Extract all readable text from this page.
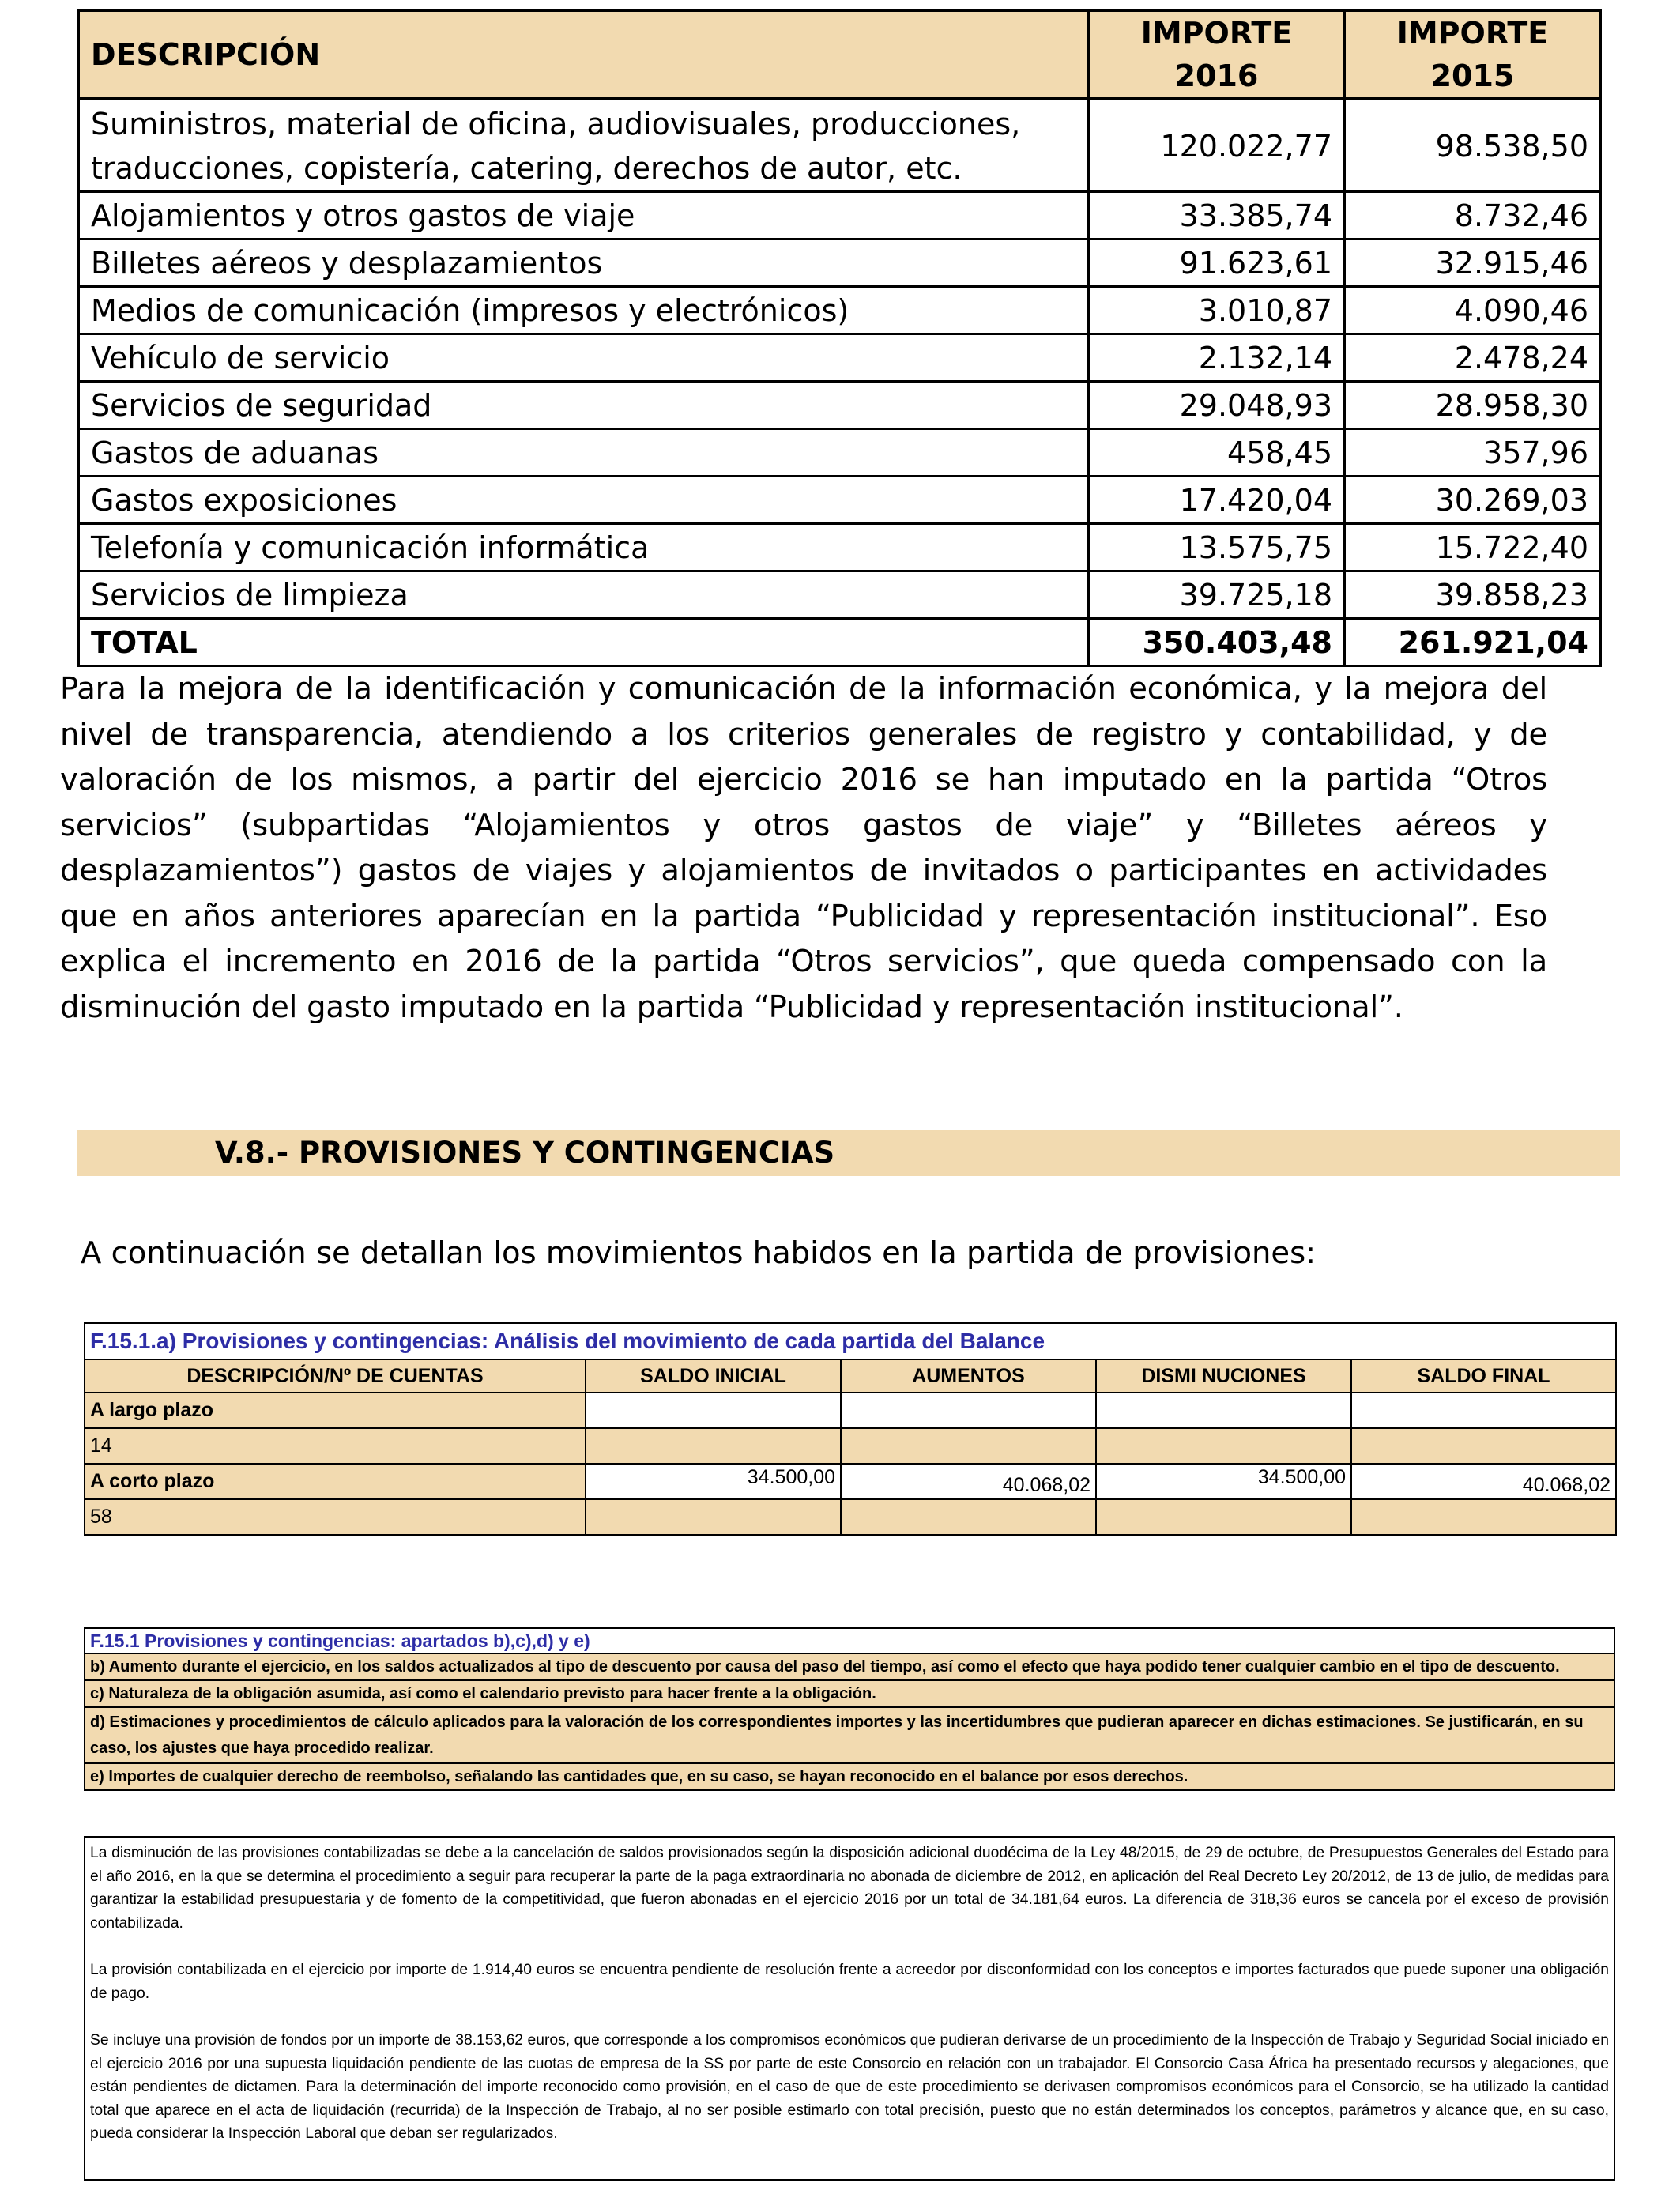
DESCRIPCIÓN	IMPORTE 2016	IMPORTE 2015

Suministros, material de oficina, audiovisuales, producciones,
traducciones, copistería, catering, derechos de autor, etc.	120.022,77	98.538,50
Alojamientos y otros gastos de viaje	33.385,74	8.732,46
Billetes aéreos y desplazamientos	91.623,61	32.915,46
Medios de comunicación (impresos y electrónicos)	3.010,87	4.090,46
Vehículo de servicio	2.132,14	2.478,24
Servicios de seguridad	29.048,93	28.958,30
Gastos de aduanas	458,45	357,96
Gastos exposiciones	17.420,04	30.269,03
Telefonía y comunicación informática	13.575,75	15.722,40
Servicios de limpieza	39.725,18	39.858,23
TOTAL	350.403,48	261.921,04

Para la mejora de la identificación y comunicación de la información económica, y la mejora del nivel de transparencia, atendiendo a los criterios generales de registro y contabilidad, y de valoración de los mismos, a partir del ejercicio 2016 se han imputado en la partida “Otros servicios” (subpartidas “Alojamientos y otros gastos de viaje” y “Billetes aéreos y desplazamientos”) gastos de viajes y alojamientos de invitados o participantes en actividades que en años anteriores aparecían en la partida “Publicidad y representación institucional”. Eso explica el incremento en 2016 de la partida “Otros servicios”, que queda compensado con la disminución del gasto imputado en la partida “Publicidad y representación institucional”.

V.8.- PROVISIONES Y CONTINGENCIAS

A continuación se detallan los movimientos habidos en la partida de provisiones:

F.15.1.a) Provisiones y contingencias: Análisis del movimiento de cada partida del Balance				
DESCRIPCIÓN/Nº DE CUENTAS	SALDO INICIAL	AUMENTOS	DISMI NUCIONES	SALDO FINAL
A largo plazo				
14				
A corto plazo	34.500,00	40.068,02	34.500,00	40.068,02
58				
F.15.1 Provisiones y contingencias: apartados b),c),d) y e)
b) Aumento durante el ejercicio, en los saldos actualizados al tipo de descuento por causa del paso del tiempo, así como el efecto que haya podido tener cualquier cambio en el tipo de descuento.
c) Naturaleza de la obligación asumida, así como el calendario previsto para hacer frente a la obligación.
d) Estimaciones y procedimientos de cálculo aplicados para la valoración de los correspondientes importes y las incertidumbres que pudieran aparecer en dichas estimaciones. Se justificarán, en su caso, los ajustes que haya procedido realizar.
e) Importes de cualquier derecho de reembolso, señalando las cantidades que, en su caso, se hayan reconocido en el balance por esos derechos.

La disminución de las provisiones contabilizadas se debe a la cancelación de saldos provisionados según la disposición adicional duodécima de la Ley 48/2015, de 29 de octubre, de Presupuestos Generales del Estado para el año 2016, en la que se determina el procedimiento a seguir para recuperar la parte de la paga extraordinaria no abonada de diciembre de 2012, en aplicación del Real Decreto Ley 20/2012, de 13 de julio, de medidas para garantizar la estabilidad presupuestaria y de fomento de la competitividad, que fueron abonadas en el ejercicio 2016 por un total de 34.181,64 euros. La diferencia de 318,36 euros se cancela por el exceso de provisión contabilizada.

La provisión contabilizada en el ejercicio por importe de 1.914,40 euros se encuentra pendiente de resolución frente a acreedor por disconformidad con los conceptos e importes facturados que puede suponer una obligación de pago.

Se incluye una provisión de fondos por un importe de 38.153,62 euros, que corresponde a los compromisos económicos que pudieran derivarse de un procedimiento de la Inspección de Trabajo y Seguridad Social iniciado en el ejercicio 2016 por una supuesta liquidación pendiente de las cuotas de empresa de la SS por parte de este Consorcio en relación con un trabajador. El Consorcio Casa África ha presentado recursos y alegaciones, que están pendientes de dictamen. Para la determinación del importe reconocido como provisión, en el caso de que de este procedimiento se derivasen compromisos económicos para el Consorcio, se ha utilizado la cantidad total que aparece en el acta de liquidación (recurrida) de la Inspección de Trabajo, al no ser posible estimarlo con total precisión, puesto que no están determinados los conceptos, parámetros y alcance que, en su caso, pueda considerar la Inspección Laboral que deban ser regularizados.
